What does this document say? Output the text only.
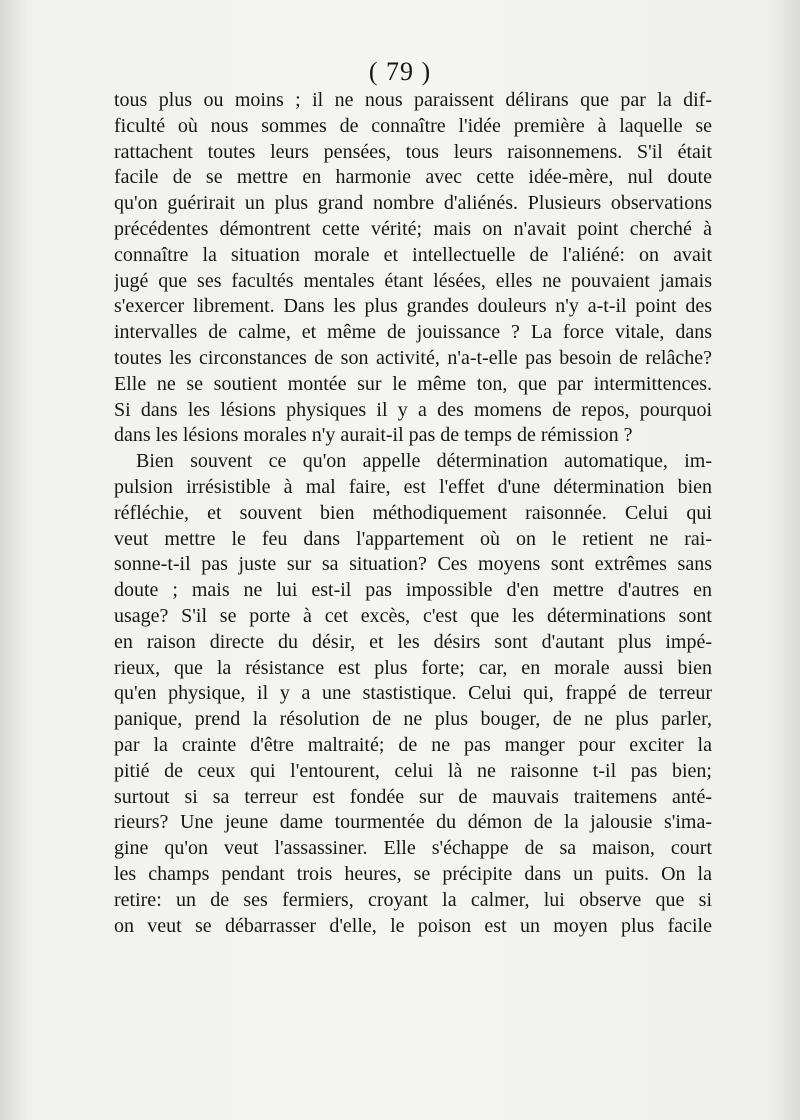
( 79 )
tous plus ou moins ; il ne nous paraissent délirans que par la dif-
ficulté où nous sommes de connaître l'idée première à laquelle se
rattachent toutes leurs pensées, tous leurs raisonnemens. S'il était
facile de se mettre en harmonie avec cette idée-mère, nul doute
qu'on guérirait un plus grand nombre d'aliénés. Plusieurs observations
précédentes démontrent cette vérité; mais on n'avait point cherché à
connaître la situation morale et intellectuelle de l'aliéné: on avait
jugé que ses facultés mentales étant lésées, elles ne pouvaient jamais
s'exercer librement. Dans les plus grandes douleurs n'y a-t-il point des
intervalles de calme, et même de jouissance ? La force vitale, dans
toutes les circonstances de son activité, n'a-t-elle pas besoin de relâche?
Elle ne se soutient montée sur le même ton, que par intermittences.
Si dans les lésions physiques il y a des momens de repos, pourquoi
dans les lésions morales n'y aurait-il pas de temps de rémission ?
Bien souvent ce qu'on appelle détermination automatique, im-
pulsion irrésistible à mal faire, est l'effet d'une détermination bien
réfléchie, et souvent bien méthodiquement raisonnée. Celui qui
veut mettre le feu dans l'appartement où on le retient ne rai-
sonne-t-il pas juste sur sa situation? Ces moyens sont extrêmes sans
doute ; mais ne lui est-il pas impossible d'en mettre d'autres en
usage? S'il se porte à cet excès, c'est que les déterminations sont
en raison directe du désir, et les désirs sont d'autant plus impé-
rieux, que la résistance est plus forte; car, en morale aussi bien
qu'en physique, il y a une stastistique. Celui qui, frappé de terreur
panique, prend la résolution de ne plus bouger, de ne plus parler,
par la crainte d'être maltraité; de ne pas manger pour exciter la
pitié de ceux qui l'entourent, celui là ne raisonne t-il pas bien;
surtout si sa terreur est fondée sur de mauvais traitemens anté-
rieurs? Une jeune dame tourmentée du démon de la jalousie s'ima-
gine qu'on veut l'assassiner. Elle s'échappe de sa maison, court
les champs pendant trois heures, se précipite dans un puits. On la
retire: un de ses fermiers, croyant la calmer, lui observe que si
on veut se débarrasser d'elle, le poison est un moyen plus facile
